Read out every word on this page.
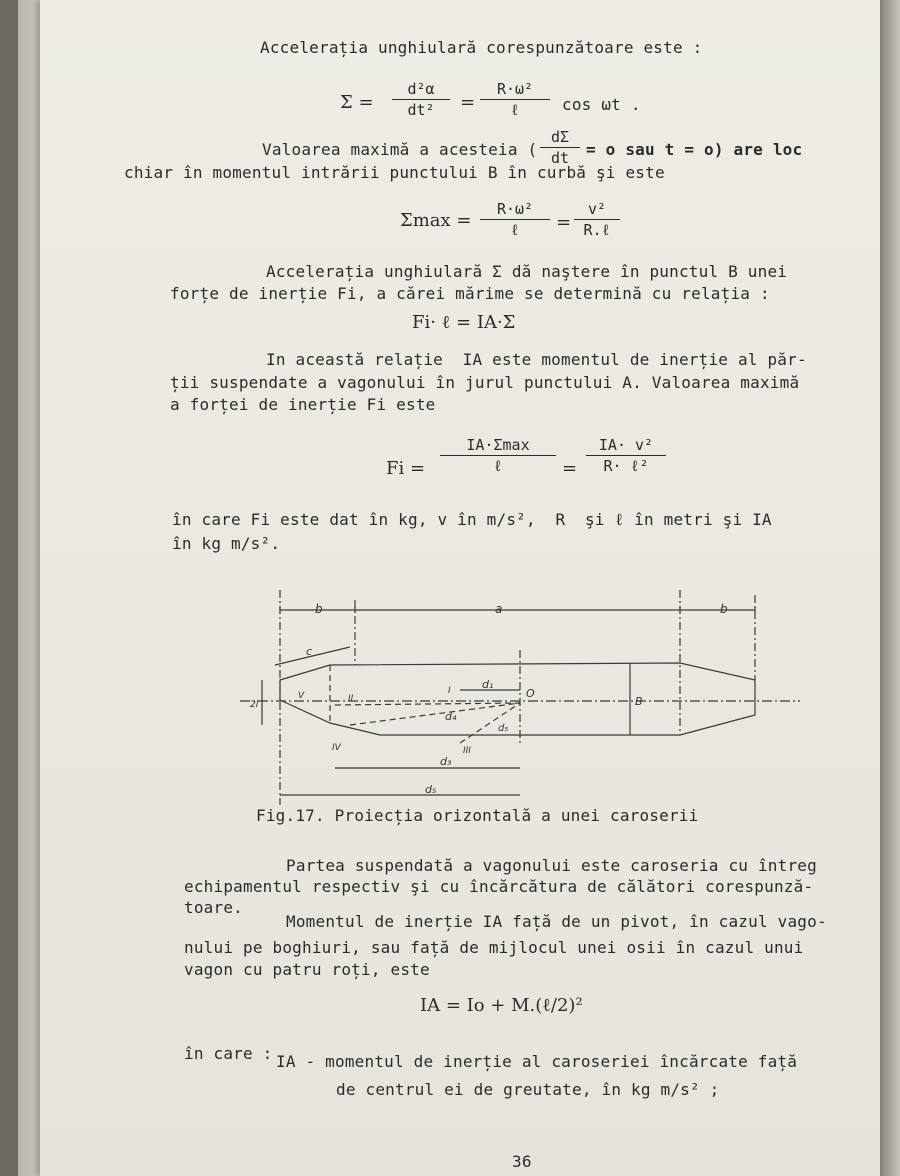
Accelerația unghiulară corespunzătoare este :
Σ =
d²α
dt²	=
R·ω²
ℓ	cos ωt .
Valoarea maximă a acesteia (
dΣ
dt	= o sau t = o) are loc
chiar în momentul intrării punctului B în curbă şi este
Σmax =
R·ω²
ℓ	=
v²
R.ℓ
Accelerația unghiulară Σ dă naştere în punctul B unei
forțe de inerție Fi, a cărei mărime se determină cu relația :
Fi· ℓ = IA·Σ
In această relație  IA este momentul de inerție al păr-
ții suspendate a vagonului în jurul punctului A. Valoarea maximă
a forței de inerție Fi este
Fi =
IA·Σmax
ℓ	=
IA· v²
R· ℓ²
în care Fi este dat în kg, v în m/s²,  R  şi ℓ în metri şi IA
în kg m/s².
b	a	b
c
d₁
O
d₄
d₅
d₃
d₅
B
I
II
III
IV
V
2l
Fig.17. Proiecția orizontală a unei caroserii
Partea suspendată a vagonului este caroseria cu întreg
echipamentul respectiv şi cu încărcătura de călători corespunză-
toare.
Momentul de inerție IA față de un pivot, în cazul vago-
nului pe boghiuri, sau față de mijlocul unei osii în cazul unui
vagon cu patru roți, este
IA = Io + M.(ℓ/2)²
în care : IA - momentul de inerție al caroseriei încărcate față
de centrul ei de greutate, în kg m/s² ;
36
